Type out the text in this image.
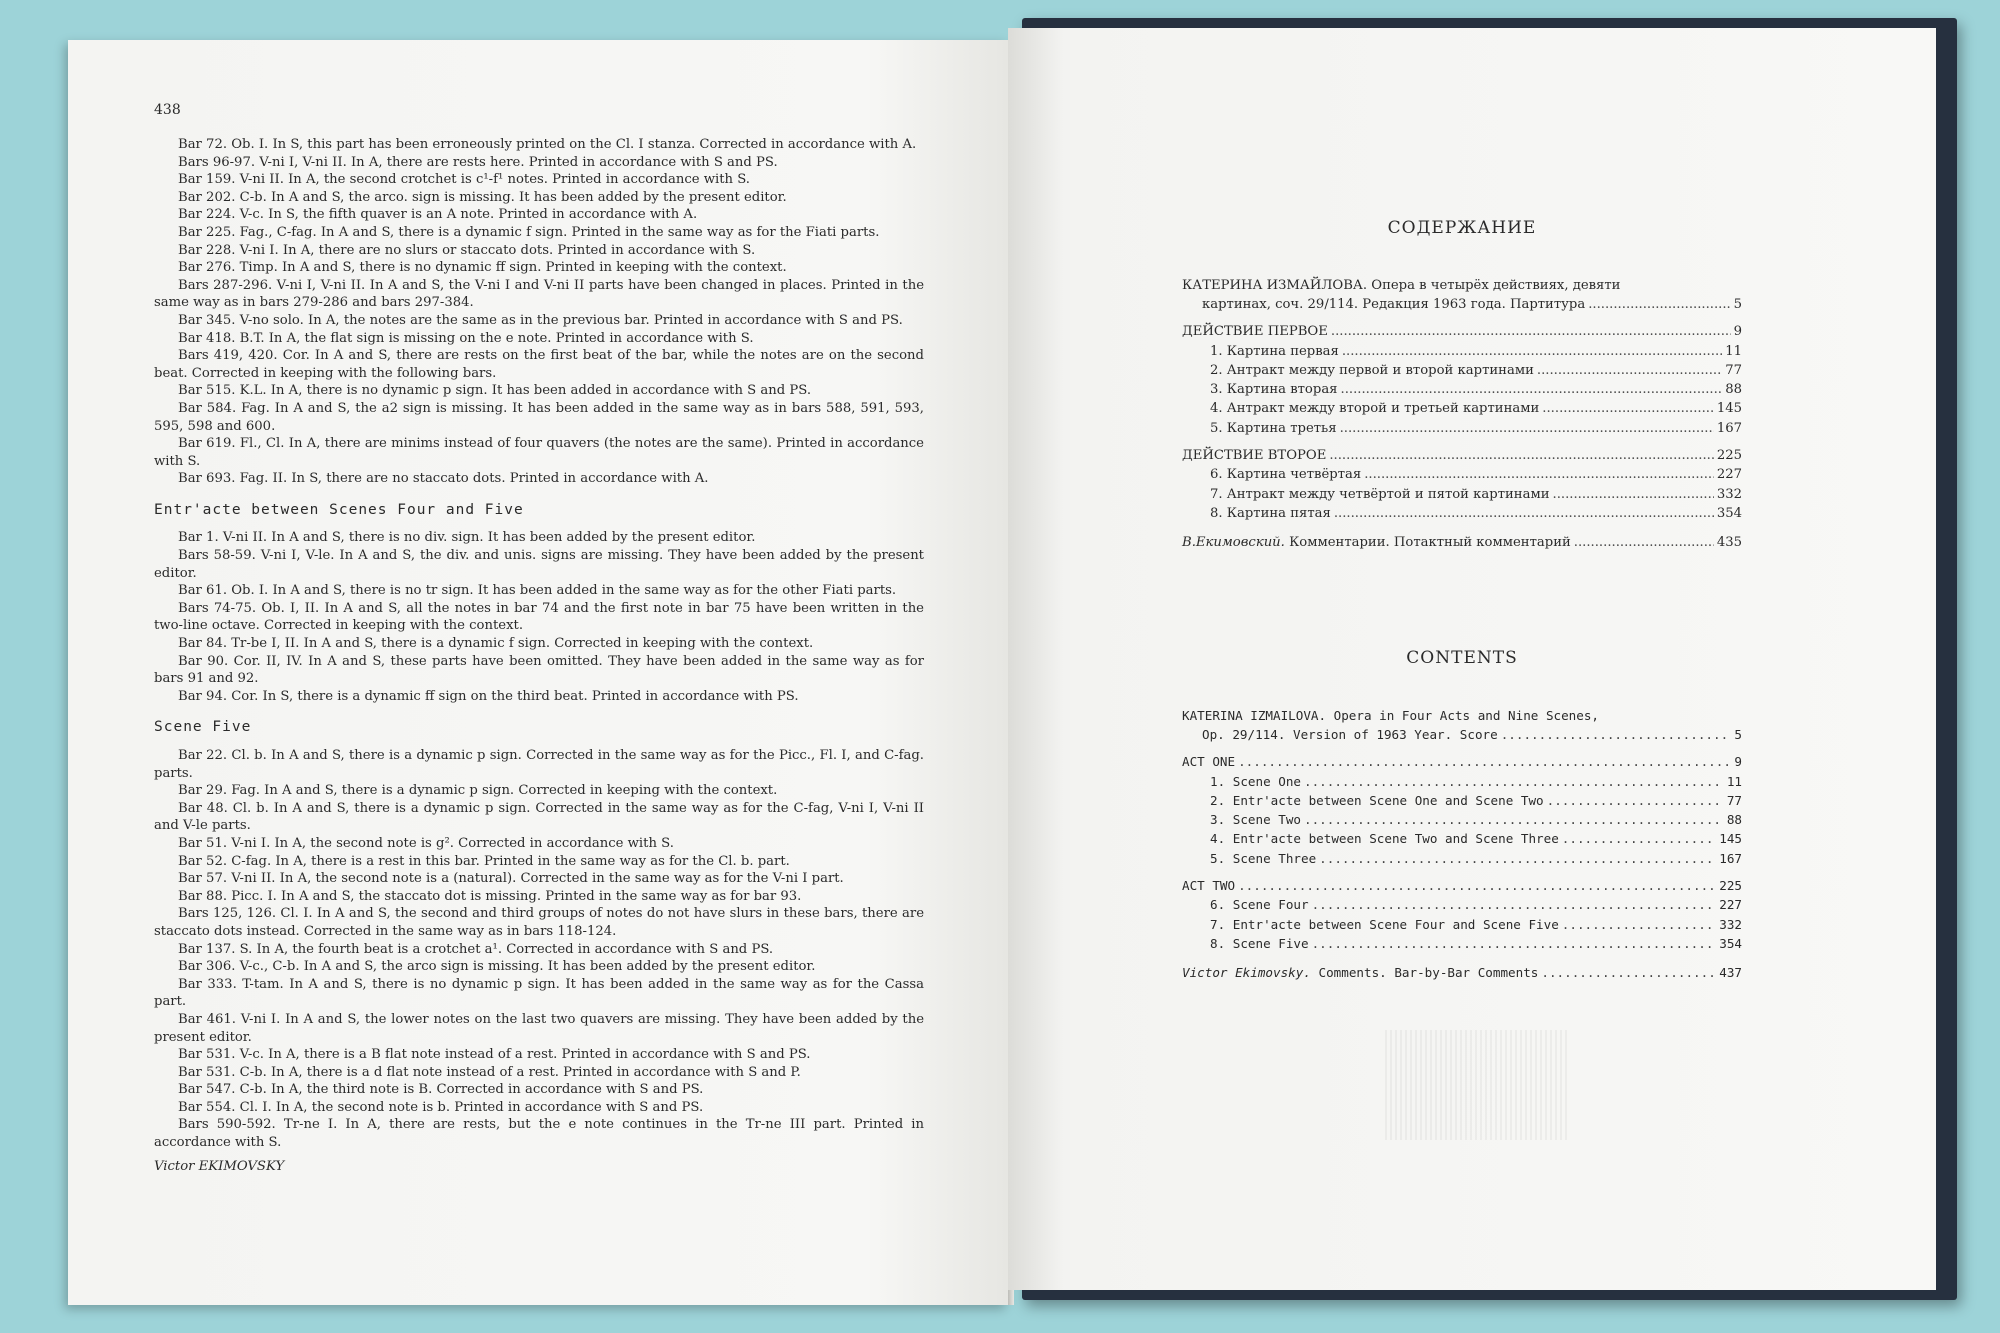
438

Bar 72. Ob. I. In S, this part has been erroneously printed on the Cl. I stanza. Corrected in accordance with A.

Bars 96-97. V-ni I, V-ni II. In A, there are rests here. Printed in accordance with S and PS.

Bar 159. V-ni II. In A, the second crotchet is c¹-f¹ notes. Printed in accordance with S.

Bar 202. C-b. In A and S, the arco. sign is missing. It has been added by the present editor.

Bar 224. V-c. In S, the fifth quaver is an A note. Printed in accordance with A.

Bar 225. Fag., C-fag. In A and S, there is a dynamic f sign. Printed in the same way as for the Fiati parts.

Bar 228. V-ni I. In A, there are no slurs or staccato dots. Printed in accordance with S.

Bar 276. Timp. In A and S, there is no dynamic ff sign. Printed in keeping with the context.

Bars 287-296. V-ni I, V-ni II. In A and S, the V-ni I and V-ni II parts have been changed in places. Printed in the same way as in bars 279-286 and bars 297-384.

Bar 345. V-no solo. In A, the notes are the same as in the previous bar. Printed in accordance with S and PS.

Bar 418. B.T. In A, the flat sign is missing on the e note. Printed in accordance with S.

Bars 419, 420. Cor. In A and S, there are rests on the first beat of the bar, while the notes are on the second beat. Corrected in keeping with the following bars.

Bar 515. K.L. In A, there is no dynamic p sign. It has been added in accordance with S and PS.

Bar 584. Fag. In A and S, the a2 sign is missing. It has been added in the same way as in bars 588, 591, 593, 595, 598 and 600.

Bar 619. Fl., Cl. In A, there are minims instead of four quavers (the notes are the same). Printed in accordance with S.

Bar 693. Fag. II. In S, there are no staccato dots. Printed in accordance with A.

Entr'acte between Scenes Four and Five

Bar 1. V-ni II. In A and S, there is no div. sign. It has been added by the present editor.

Bars 58-59. V-ni I, V-le. In A and S, the div. and unis. signs are missing. They have been added by the present editor.

Bar 61. Ob. I. In A and S, there is no tr sign. It has been added in the same way as for the other Fiati parts.

Bars 74-75. Ob. I, II. In A and S, all the notes in bar 74 and the first note in bar 75 have been written in the two-line octave. Corrected in keeping with the context.

Bar 84. Tr-be I, II. In A and S, there is a dynamic f sign. Corrected in keeping with the context.

Bar 90. Cor. II, IV. In A and S, these parts have been omitted. They have been added in the same way as for bars 91 and 92.

Bar 94. Cor. In S, there is a dynamic ff sign on the third beat. Printed in accordance with PS.

Scene Five

Bar 22. Cl. b. In A and S, there is a dynamic p sign. Corrected in the same way as for the Picc., Fl. I, and C-fag. parts.

Bar 29. Fag. In A and S, there is a dynamic p sign. Corrected in keeping with the context.

Bar 48. Cl. b. In A and S, there is a dynamic p sign. Corrected in the same way as for the C-fag, V-ni I, V-ni II and V-le parts.

Bar 51. V-ni I. In A, the second note is g². Corrected in accordance with S.

Bar 52. C-fag. In A, there is a rest in this bar. Printed in the same way as for the Cl. b. part.

Bar 57. V-ni II. In A, the second note is a (natural). Corrected in the same way as for the V-ni I part.

Bar 88. Picc. I. In A and S, the staccato dot is missing. Printed in the same way as for bar 93.

Bars 125, 126. Cl. I. In A and S, the second and third groups of notes do not have slurs in these bars, there are staccato dots instead. Corrected in the same way as in bars 118-124.

Bar 137. S. In A, the fourth beat is a crotchet a¹. Corrected in accordance with S and PS.

Bar 306. V-c., C-b. In A and S, the arco sign is missing. It has been added by the present editor.

Bar 333. T-tam. In A and S, there is no dynamic p sign. It has been added in the same way as for the Cassa part.

Bar 461. V-ni I. In A and S, the lower notes on the last two quavers are missing. They have been added by the present editor.

Bar 531. V-c. In A, there is a B flat note instead of a rest. Printed in accordance with S and PS.

Bar 531. C-b. In A, there is a d flat note instead of a rest. Printed in accordance with S and P.

Bar 547. C-b. In A, the third note is B. Corrected in accordance with S and PS.

Bar 554. Cl. I. In A, the second note is b. Printed in accordance with S and PS.

Bars 590-592. Tr-ne I. In A, there are rests, but the e note continues in the Tr-ne III part. Printed in accordance with S.

Victor EKIMOVSKY

СОДЕРЖАНИЕ
КАТЕРИНА ИЗМАЙЛОВА. Опера в четырёх действиях, девяти
картинах, соч. 29/114. Редакция 1963 года. Партитура .....	5
ДЕЙСТВИЕ ПЕРВОЕ .....	9
1. Картина первая .....	11
2. Антракт между первой и второй картинами .....	77
3. Картина вторая .....	88
4. Антракт между второй и третьей картинами .....	145
5. Картина третья .....	167
ДЕЙСТВИЕ ВТОРОЕ .....	225
6. Картина четвёртая .....	227
7. Антракт между четвёртой и пятой картинами .....	332
8. Картина пятая .....	354
В.Екимовский. Комментарии. Потактный комментарий .....	435
CONTENTS
KATERINA IZMAILOVA. Opera in Four Acts and Nine Scenes,
Op. 29/114. Version of 1963 Year. Score .....	5
ACT ONE .....	9
1. Scene One .....	11
2. Entr'acte between Scene One and Scene Two .....	77
3. Scene Two .....	88
4. Entr'acte between Scene Two and Scene Three .....	145
5. Scene Three .....	167
ACT TWO .....	225
6. Scene Four .....	227
7. Entr'acte between Scene Four and Scene Five .....	332
8. Scene Five .....	354
Victor Ekimovsky. Comments. Bar-by-Bar Comments .....	437
